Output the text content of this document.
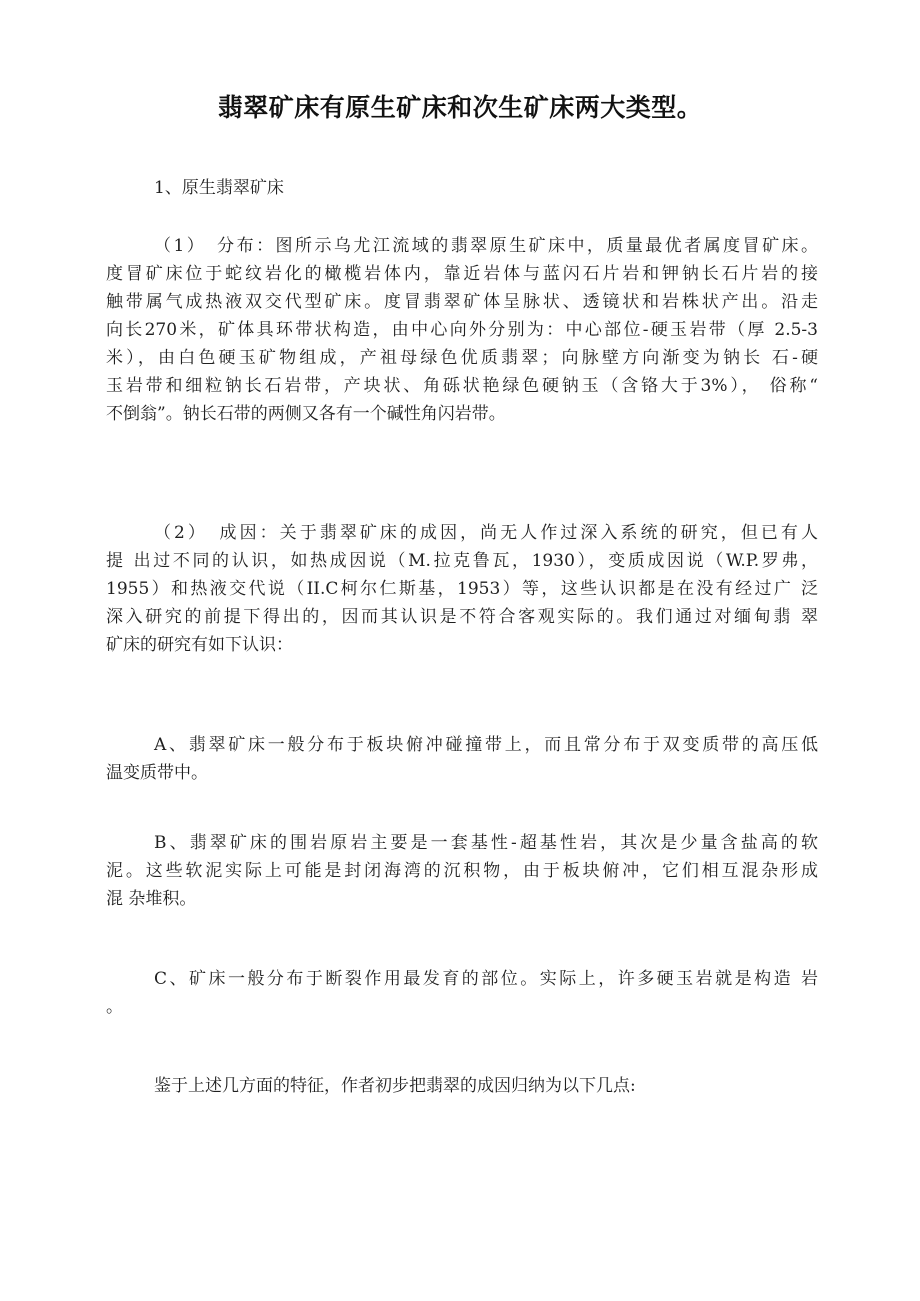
翡翠矿床有原生矿床和次生矿床两大类型。
1、原生翡翠矿床
（1）　分布：图所示乌尤江流域的翡翠原生矿床中，质量最优者属度冒矿床。
度冒矿床位于蛇纹岩化的橄榄岩体内，靠近岩体与蓝闪石片岩和钾钠长石片岩的接
触带属气成热液双交代型矿床。度冒翡翠矿体呈脉状、透镜状和岩株状产出。沿走
向长270米，矿体具环带状构造，由中心向外分别为：中心部位-硬玉岩带（厚 2.5-3
米），由白色硬玉矿物组成，产祖母绿色优质翡翠；向脉壁方向渐变为钠长 石-硬
玉岩带和细粒钠长石岩带，产块状、角砾状艳绿色硬钠玉（含铬大于3%）， 俗称“
不倒翁”。钠长石带的两侧又各有一个碱性角闪岩带。
（2）　成因：关于翡翠矿床的成因，尚无人作过深入系统的研究，但已有人
提 出过不同的认识，如热成因说（M.拉克鲁瓦，1930），变质成因说（W.P.罗弗，
1955）和热液交代说（II.C柯尔仁斯基，1953）等，这些认识都是在没有经过广 泛
深入研究的前提下得出的，因而其认识是不符合客观实际的。我们通过对缅甸翡 翠
矿床的研究有如下认识：
A、翡翠矿床一般分布于板块俯冲碰撞带上，而且常分布于双变质带的高压低
温变质带中。
B、翡翠矿床的围岩原岩主要是一套基性-超基性岩，其次是少量含盐高的软
泥。这些软泥实际上可能是封闭海湾的沉积物，由于板块俯冲，它们相互混杂形成
混 杂堆积。
C、矿床一般分布于断裂作用最发育的部位。实际上，许多硬玉岩就是构造 岩
。
鉴于上述几方面的特征，作者初步把翡翠的成因归纳为以下几点:
